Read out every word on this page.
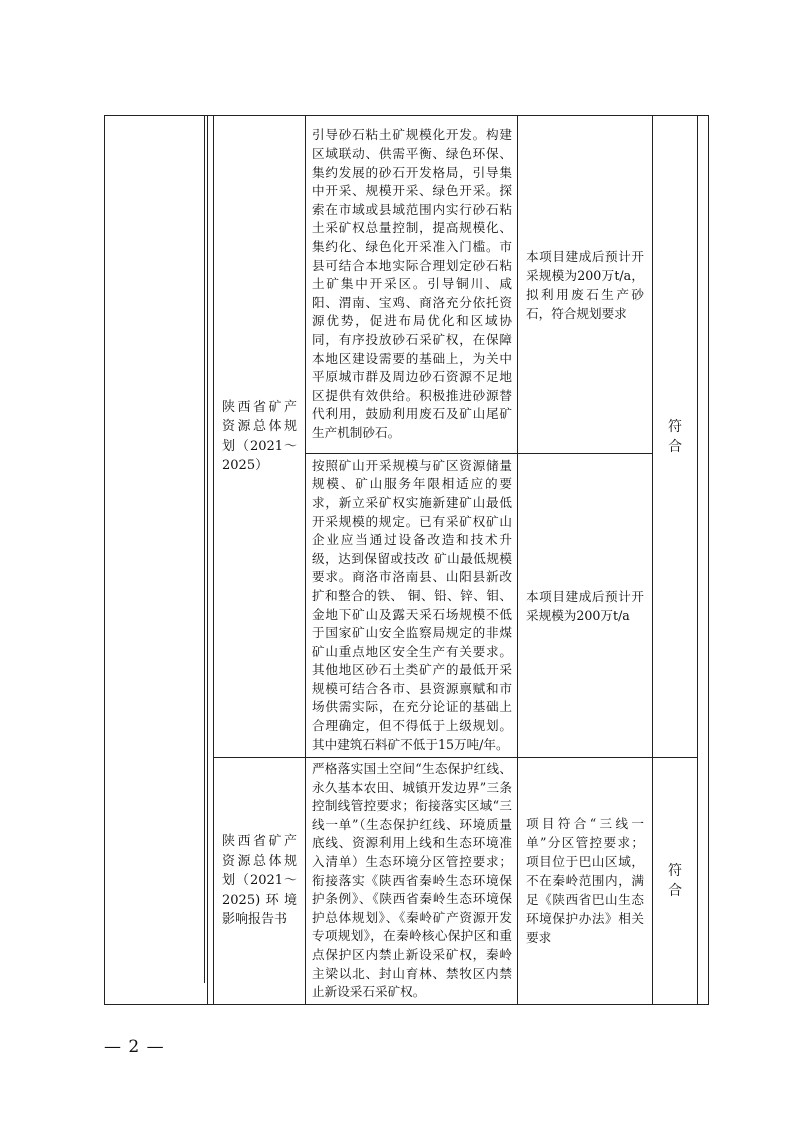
		陕西省矿产资源总体规划（2021～2025）	引导砂石粘土矿规模化开发。构建区域联动、供需平衡、绿色环保、集约发展的砂石开发格局，引导集中开采、规模开采、绿色开采。探索在市域或县域范围内实行砂石粘土采矿权总量控制，提高规模化、集约化、绿色化开采准入门槛。市县可结合本地实际合理划定砂石粘土矿集中开采区。引导铜川、咸阳、渭南、宝鸡、商洛充分依托资源优势，促进布局优化和区域协同，有序投放砂石采矿权，在保障本地区建设需要的基础上，为关中平原城市群及周边砂石资源不足地区提供有效供给。积极推进砂源替代利用，鼓励利用废石及矿山尾矿生产机制砂石。	本项目建成后预计开采规模为200万t/a，拟利用废石生产砂石，符合规划要求	符合	

			按照矿山开采规模与矿区资源储量规模、矿山服务年限相适应的要求，新立采矿权实施新建矿山最低开采规模的规定。已有采矿权矿山企业应当通过设备改造和技术升级，达到保留或技改 矿山最低规模要求。商洛市洛南县、山阳县新改扩和整合的铁、 铜、铅、锌、钼、金地下矿山及露天采石场规模不低于国家矿山安全监察局规定的非煤矿山重点地区安全生产有关要求。其他地区砂石土类矿产的最低开采规模可结合各市、县资源禀赋和市场供需实际，在充分论证的基础上合理确定，但不得低于上级规划。其中建筑石料矿不低于15万吨/年。	本项目建成后预计开采规模为200万t/a		

		陕西省矿产资源总体规划（2021～2025)环境影响报告书	严格落实国土空间“生态保护红线、永久基本农田、城镇开发边界”三条控制线管控要求；衔接落实区域“三线一单”（生态保护红线、环境质量底线、资源利用上线和生态环境准入清单）生态环境分区管控要求；衔接落实《陕西省秦岭生态环境保护条例》、《陕西省秦岭生态环境保护总体规划》、《秦岭矿产资源开发专项规划》，在秦岭核心保护区和重点保护区内禁止新设采矿权，秦岭主梁以北、封山育林、禁牧区内禁止新设采石采矿权。	项目符合“三线一单”分区管控要求；项目位于巴山区域，不在秦岭范围内，满足《陕西省巴山生态环境保护办法》相关要求	符合	
— 2 —
